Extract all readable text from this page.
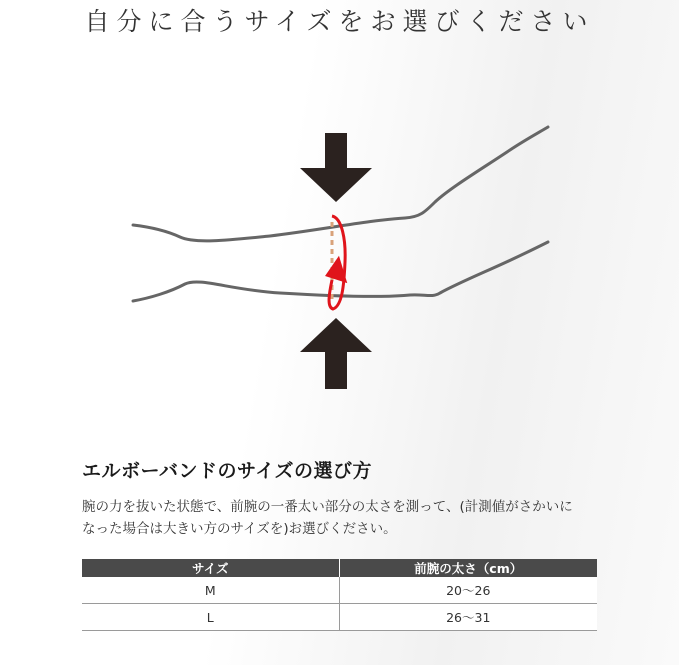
自分に合うサイズをお選びください
エルボーバンドのサイズの選び方
腕の力を抜いた状態で、前腕の一番太い部分の太さを測って、(計測値がさかいに
なった場合は大きい方のサイズを)お選びください。
サイズ	前腕の太さ（cm）
M	20〜26
L	26〜31
